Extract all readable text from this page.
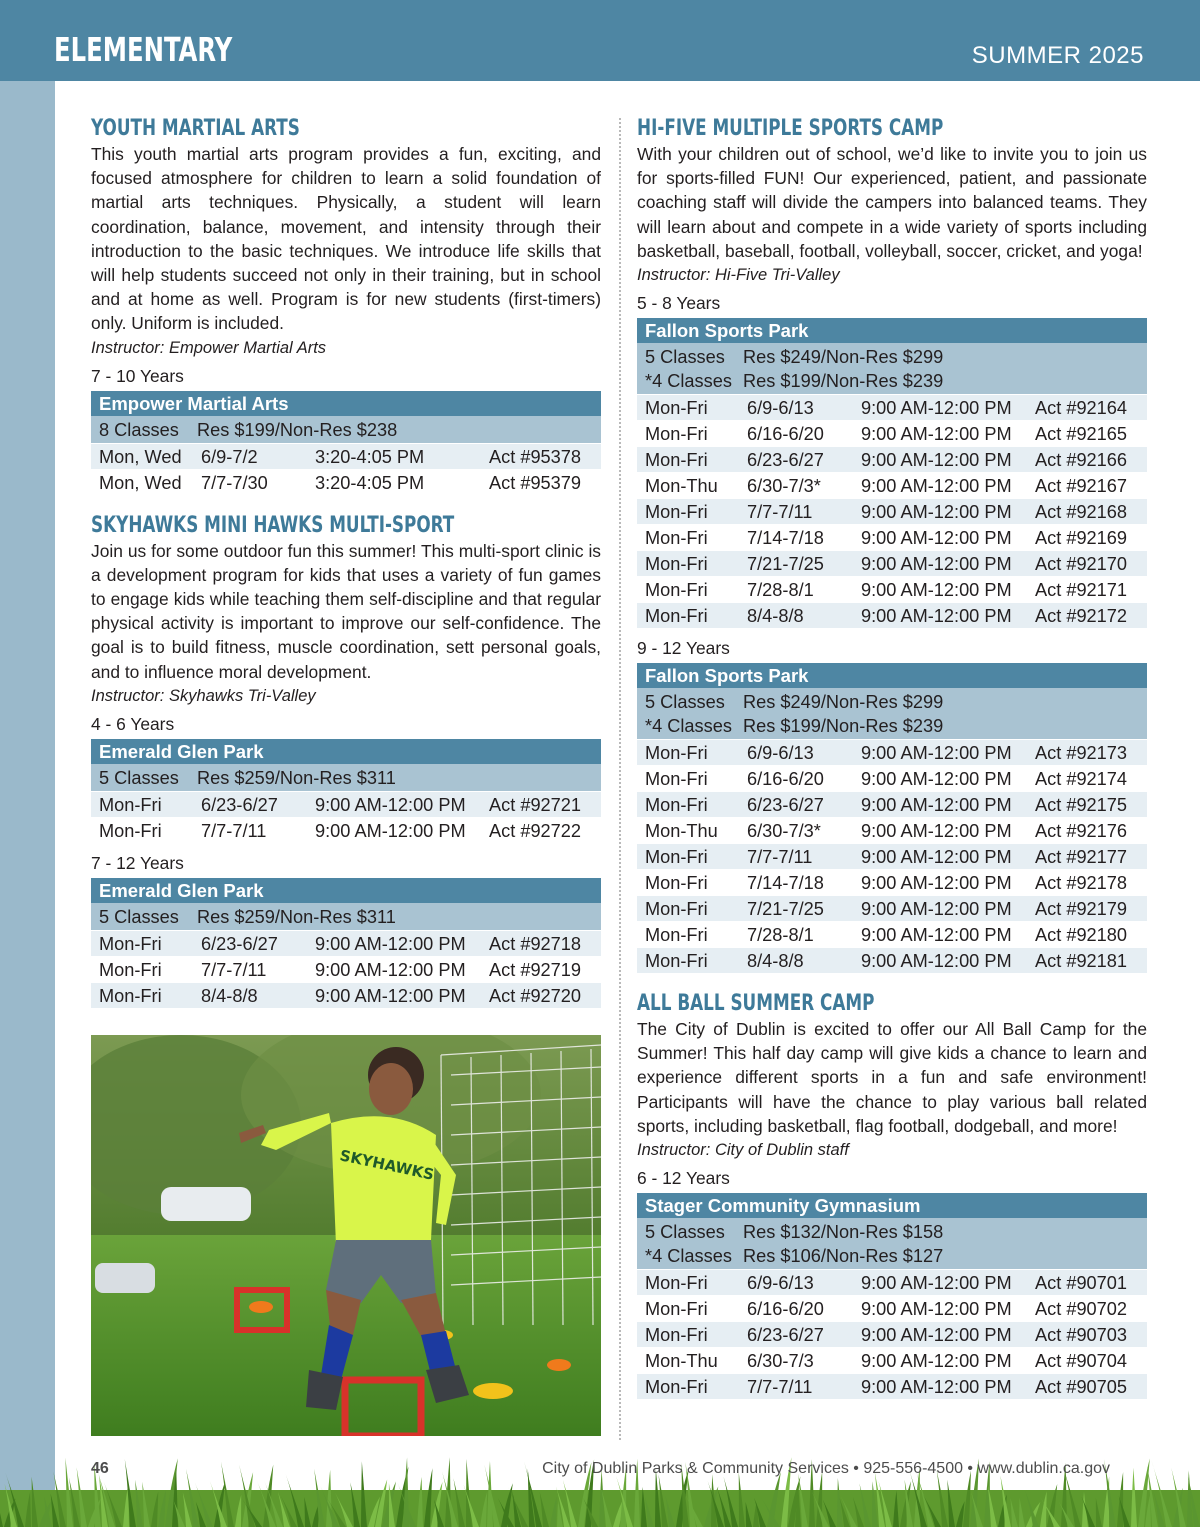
ELEMENTARY	SUMMER 2025
YOUTH MARTIAL ARTS
This youth martial arts program provides a fun, exciting, and focused atmosphere for children to learn a solid foundation of martial arts techniques. Physically, a student will learn coordination, balance, movement, and intensity through their introduction to the basic techniques. We introduce life skills that will help students succeed not only in their training, but in school and at home as well. Program is for new students (first-timers) only. Uniform is included.
Instructor: Empower Martial Arts
7 - 10 Years
Empower Martial Arts
8 Classes Res $199/Non-Res $238
Mon, Wed 6/9-7/2	3:20-4:05 PM	Act #95378
Mon, Wed 7/7-7/30	3:20-4:05 PM	Act #95379
SKYHAWKS MINI HAWKS MULTI-SPORT
Join us for some outdoor fun this summer! This multi-sport clinic is a development program for kids that uses a variety of fun games to engage kids while teaching them self-discipline and that regular physical activity is important to improve our self-confidence. The goal is to build fitness, muscle coordination, sett personal goals, and to influence moral development.
Instructor: Skyhawks Tri-Valley
4 - 6 Years
Emerald Glen Park
5 Classes Res $259/Non-Res $311
Mon-Fri 6/23-6/27 9:00 AM-12:00 PM Act #92721
Mon-Fri 7/7-7/11	9:00 AM-12:00 PM Act #92722
7 - 12 Years
Emerald Glen Park
5 Classes Res $259/Non-Res $311
Mon-Fri 6/23-6/27 9:00 AM-12:00 PM Act #92718
Mon-Fri 7/7-7/11	9:00 AM-12:00 PM Act #92719
Mon-Fri 8/4-8/8	9:00 AM-12:00 PM Act #92720
SKYHAWKS
HI-FIVE MULTIPLE SPORTS CAMP
With your children out of school, we’d like to invite you to join us for sports-filled FUN! Our experienced, patient, and passionate coaching staff will divide the campers into balanced teams. They will learn about and compete in a wide variety of sports including basketball, baseball, football, volleyball, soccer, cricket, and yoga!
Instructor: Hi-Five Tri-Valley
5 - 8 Years
Fallon Sports Park
5 Classes Res $249/Non-Res $299
*4 Classes Res $199/Non-Res $239
Mon-Fri 6/9-6/13	9:00 AM-12:00 PM Act #92164
Mon-Fri 6/16-6/20 9:00 AM-12:00 PM Act #92165
Mon-Fri 6/23-6/27 9:00 AM-12:00 PM Act #92166
Mon-Thu 6/30-7/3* 9:00 AM-12:00 PM Act #92167
Mon-Fri 7/7-7/11	9:00 AM-12:00 PM Act #92168
Mon-Fri 7/14-7/18 9:00 AM-12:00 PM Act #92169
Mon-Fri 7/21-7/25 9:00 AM-12:00 PM Act #92170
Mon-Fri 7/28-8/1	9:00 AM-12:00 PM Act #92171
Mon-Fri 8/4-8/8	9:00 AM-12:00 PM Act #92172
9 - 12 Years
Fallon Sports Park
5 Classes Res $249/Non-Res $299
*4 Classes Res $199/Non-Res $239
Mon-Fri 6/9-6/13	9:00 AM-12:00 PM Act #92173
Mon-Fri 6/16-6/20 9:00 AM-12:00 PM Act #92174
Mon-Fri 6/23-6/27 9:00 AM-12:00 PM Act #92175
Mon-Thu 6/30-7/3* 9:00 AM-12:00 PM Act #92176
Mon-Fri 7/7-7/11	9:00 AM-12:00 PM Act #92177
Mon-Fri 7/14-7/18 9:00 AM-12:00 PM Act #92178
Mon-Fri 7/21-7/25 9:00 AM-12:00 PM Act #92179
Mon-Fri 7/28-8/1	9:00 AM-12:00 PM Act #92180
Mon-Fri 8/4-8/8	9:00 AM-12:00 PM Act #92181
ALL BALL SUMMER CAMP
The City of Dublin is excited to offer our All Ball Camp for the Summer! This half day camp will give kids a chance to learn and experience different sports in a fun and safe environment! Participants will have the chance to play various ball related sports, including basketball, flag football, dodgeball, and more!
Instructor: City of Dublin staff
6 - 12 Years
Stager Community Gymnasium
5 Classes Res $132/Non-Res $158
*4 Classes Res $106/Non-Res $127
Mon-Fri 6/9-6/13	9:00 AM-12:00 PM Act #90701
Mon-Fri 6/16-6/20 9:00 AM-12:00 PM Act #90702
Mon-Fri 6/23-6/27 9:00 AM-12:00 PM Act #90703
Mon-Thu 6/30-7/3	9:00 AM-12:00 PM Act #90704
Mon-Fri 7/7-7/11	9:00 AM-12:00 PM Act #90705
46	City of Dublin Parks & Community Services • 925-556-4500 • www.dublin.ca.gov
